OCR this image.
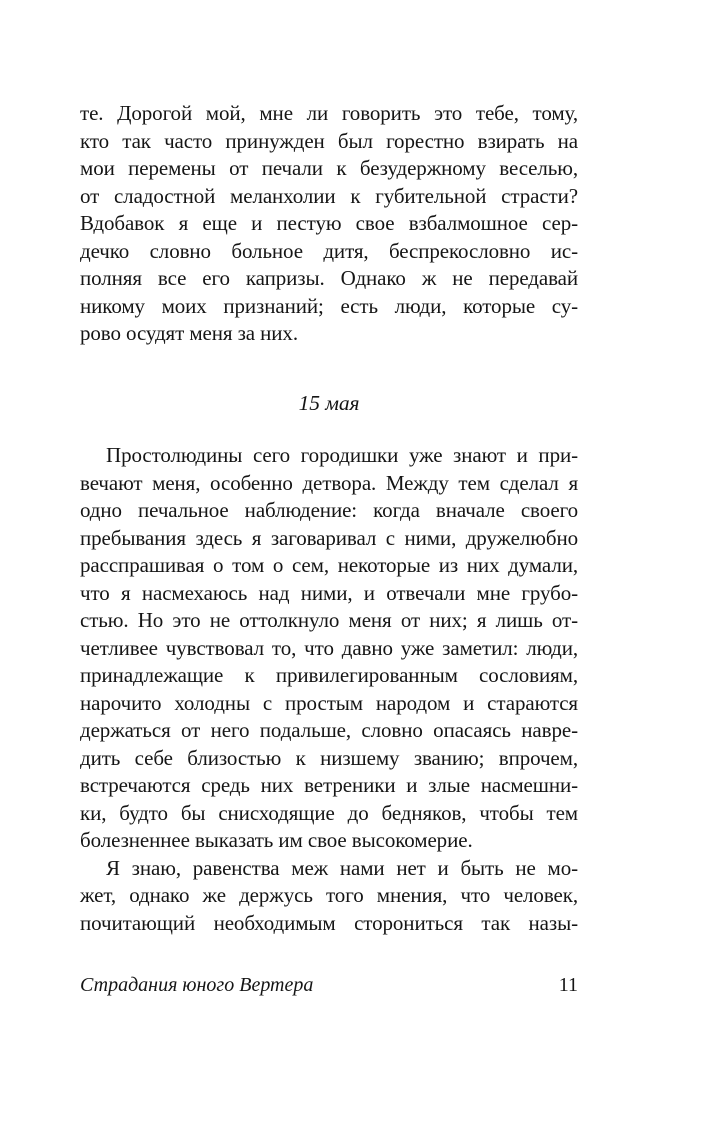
те. Дорогой мой, мне ли говорить это тебе, тому,
кто так часто принужден был горестно взирать на
мои перемены от печали к безудержному веселью,
от сладостной меланхолии к губительной страсти?
Вдобавок я еще и пестую свое взбалмошное сер-
дечко словно больное дитя, беспрекословно ис-
полняя все его капризы. Однако ж не передавай
никому моих признаний; есть люди, которые су-
рово осудят меня за них.
15 мая
Простолюдины сего городишки уже знают и при-
вечают меня, особенно детвора. Между тем сделал я
одно печальное наблюдение: когда вначале своего
пребывания здесь я заговаривал с ними, дружелюбно
расспрашивая о том о сем, некоторые из них думали,
что я насмехаюсь над ними, и отвечали мне грубо-
стью. Но это не оттолкнуло меня от них; я лишь от-
четливее чувствовал то, что давно уже заметил: люди,
принадлежащие к привилегированным сословиям,
нарочито холодны с простым народом и стараются
держаться от него подальше, словно опасаясь навре-
дить себе близостью к низшему званию; впрочем,
встречаются средь них ветреники и злые насмешни-
ки, будто бы снисходящие до бедняков, чтобы тем
болезненнее выказать им свое высокомерие.
Я знаю, равенства меж нами нет и быть не мо-
жет, однако же держусь того мнения, что человек,
почитающий необходимым сторониться так назы-
Страдания юного Вертера	11
